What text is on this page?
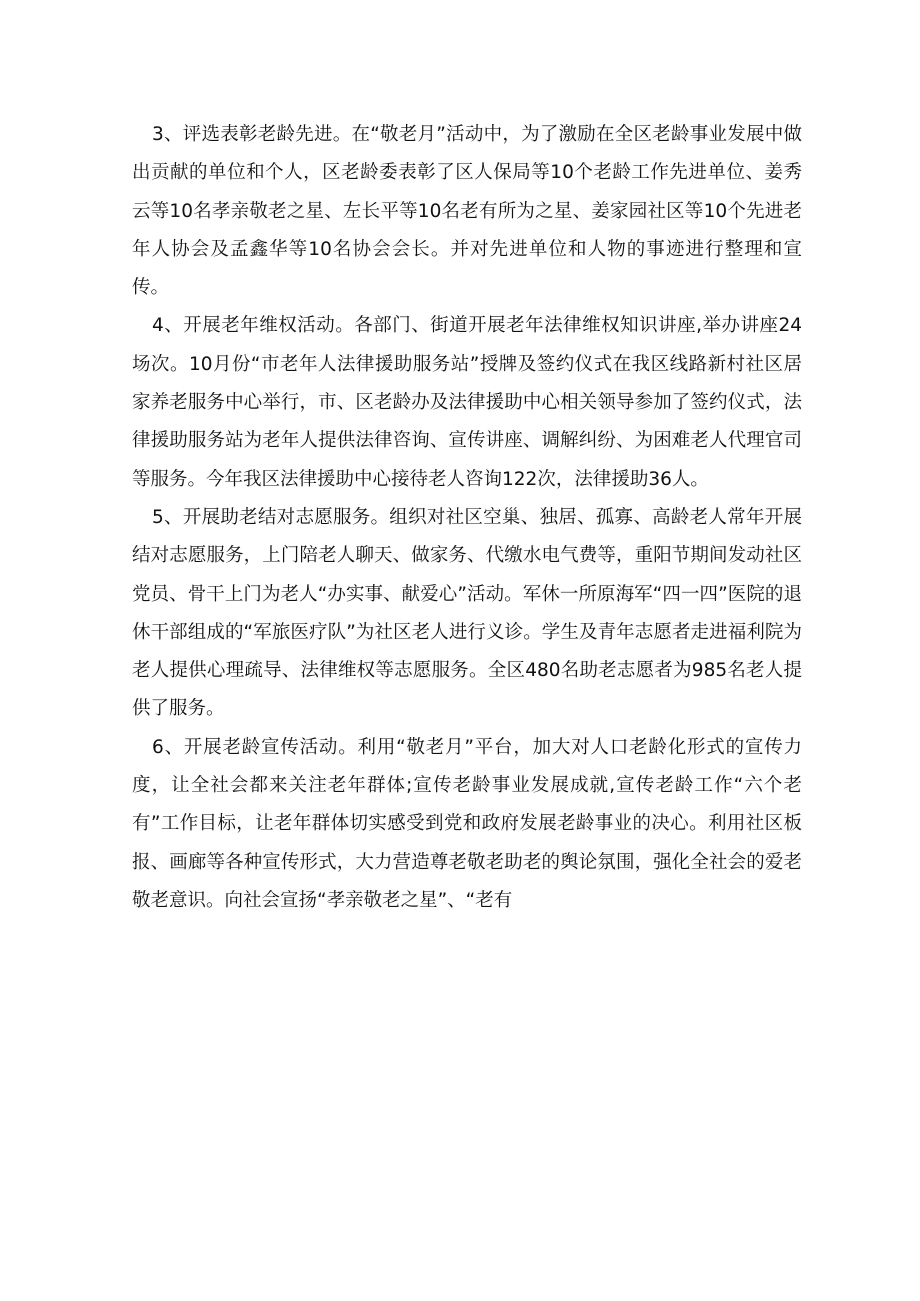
3、评选表彰老龄先进。在“敬老月”活动中，为了激励在全区老龄事业发展中做出贡献的单位和个人，区老龄委表彰了区人保局等10个老龄工作先进单位、姜秀云等10名孝亲敬老之星、左长平等10名老有所为之星、姜家园社区等10个先进老年人协会及孟鑫华等10名协会会长。并对先进单位和人物的事迹进行整理和宣传。

4、开展老年维权活动。各部门、街道开展老年法律维权知识讲座,举办讲座24场次。10月份“市老年人法律援助服务站”授牌及签约仪式在我区线路新村社区居家养老服务中心举行，市、区老龄办及法律援助中心相关领导参加了签约仪式，法律援助服务站为老年人提供法律咨询、宣传讲座、调解纠纷、为困难老人代理官司等服务。今年我区法律援助中心接待老人咨询122次，法律援助36人。

5、开展助老结对志愿服务。组织对社区空巢、独居、孤寡、高龄老人常年开展结对志愿服务，上门陪老人聊天、做家务、代缴水电气费等，重阳节期间发动社区党员、骨干上门为老人“办实事、献爱心”活动。军休一所原海军“四一四”医院的退休干部组成的“军旅医疗队”为社区老人进行义诊。学生及青年志愿者走进福利院为老人提供心理疏导、法律维权等志愿服务。全区480名助老志愿者为985名老人提供了服务。

6、开展老龄宣传活动。利用“敬老月”平台，加大对人口老龄化形式的宣传力度，让全社会都来关注老年群体;宣传老龄事业发展成就,宣传老龄工作“六个老有”工作目标，让老年群体切实感受到党和政府发展老龄事业的决心。利用社区板报、画廊等各种宣传形式，大力营造尊老敬老助老的舆论氛围，强化全社会的爱老敬老意识。向社会宣扬“孝亲敬老之星”、“老有
